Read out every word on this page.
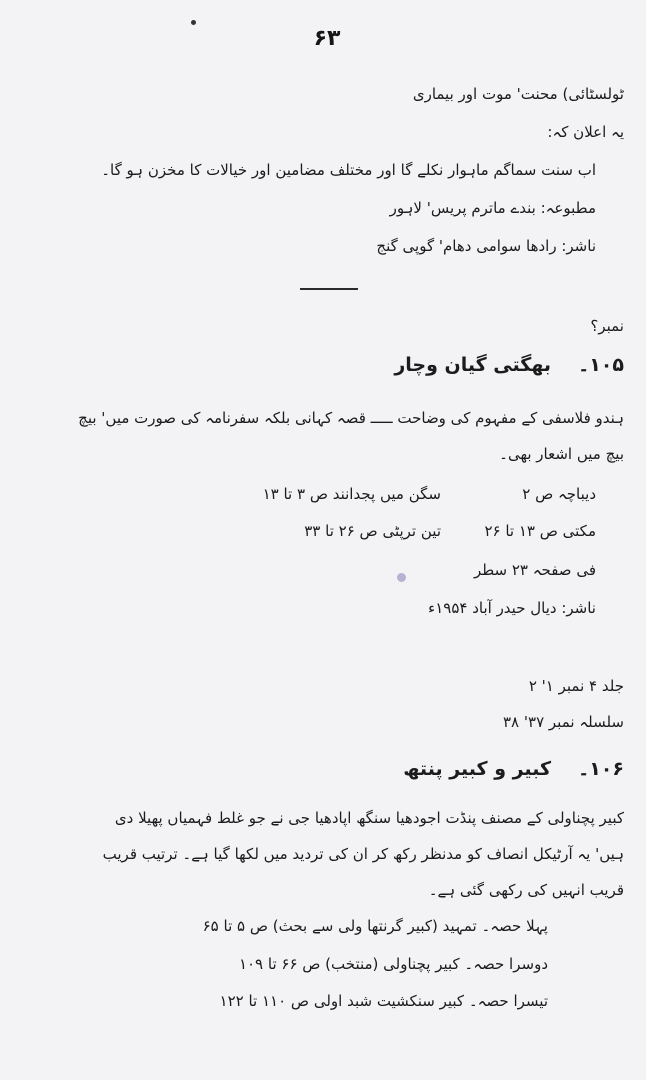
۶۳
ٹولسٹائی) محنت' موت اور بیماری
یہ اعلان کہ:
اب سنت سماگم ماہوار نکلے گا اور مختلف مضامین اور خیالات کا مخزن ہو گا۔
مطبوعہ: بندے ماترم پریس' لاہور
ناشر: رادھا سوامی دھام' گوپی گنج
نمبر؟
۱۰۵۔
بھگتی گیان وچار
ہندو فلاسفی کے مفہوم کی وضاحت ـــــ قصہ کہانی بلکہ سفرنامہ کی صورت میں' بیچ
بیچ میں اشعار بھی۔
دیباچہ ص ۲
سگن میں پجدانند ص ۳ تا ۱۳
مکتی ص ۱۳ تا ۲۶
تین ترپٹی ص ۲۶ تا ۳۳
فی صفحہ ۲۳ سطر
ناشر: دیال حیدر آباد ۱۹۵۴ء
جلد ۴ نمبر ۱' ۲
سلسلہ نمبر ۳۷' ۳۸
۱۰۶۔
کبیر و کبیر پنتھ
کبیر پچناولی کے مصنف پنڈت اجودھیا سنگھ اپادھیا جی نے جو غلط فہمیاں پھیلا دی
ہیں' یہ آرٹیکل انصاف کو مدنظر رکھ کر ان کی تردید میں لکھا گیا ہے۔ ترتیب قریب
قریب انہیں کی رکھی گئی ہے۔
پہلا حصہ۔ تمہید (کبیر گرنتھا ولی سے بحث) ص ۵ تا ۶۵
دوسرا حصہ۔ کبیر پچناولی (منتخب) ص ۶۶ تا ۱۰۹
تیسرا حصہ۔ کبیر سنکشیت شبد اولی ص ۱۱۰ تا ۱۲۲
